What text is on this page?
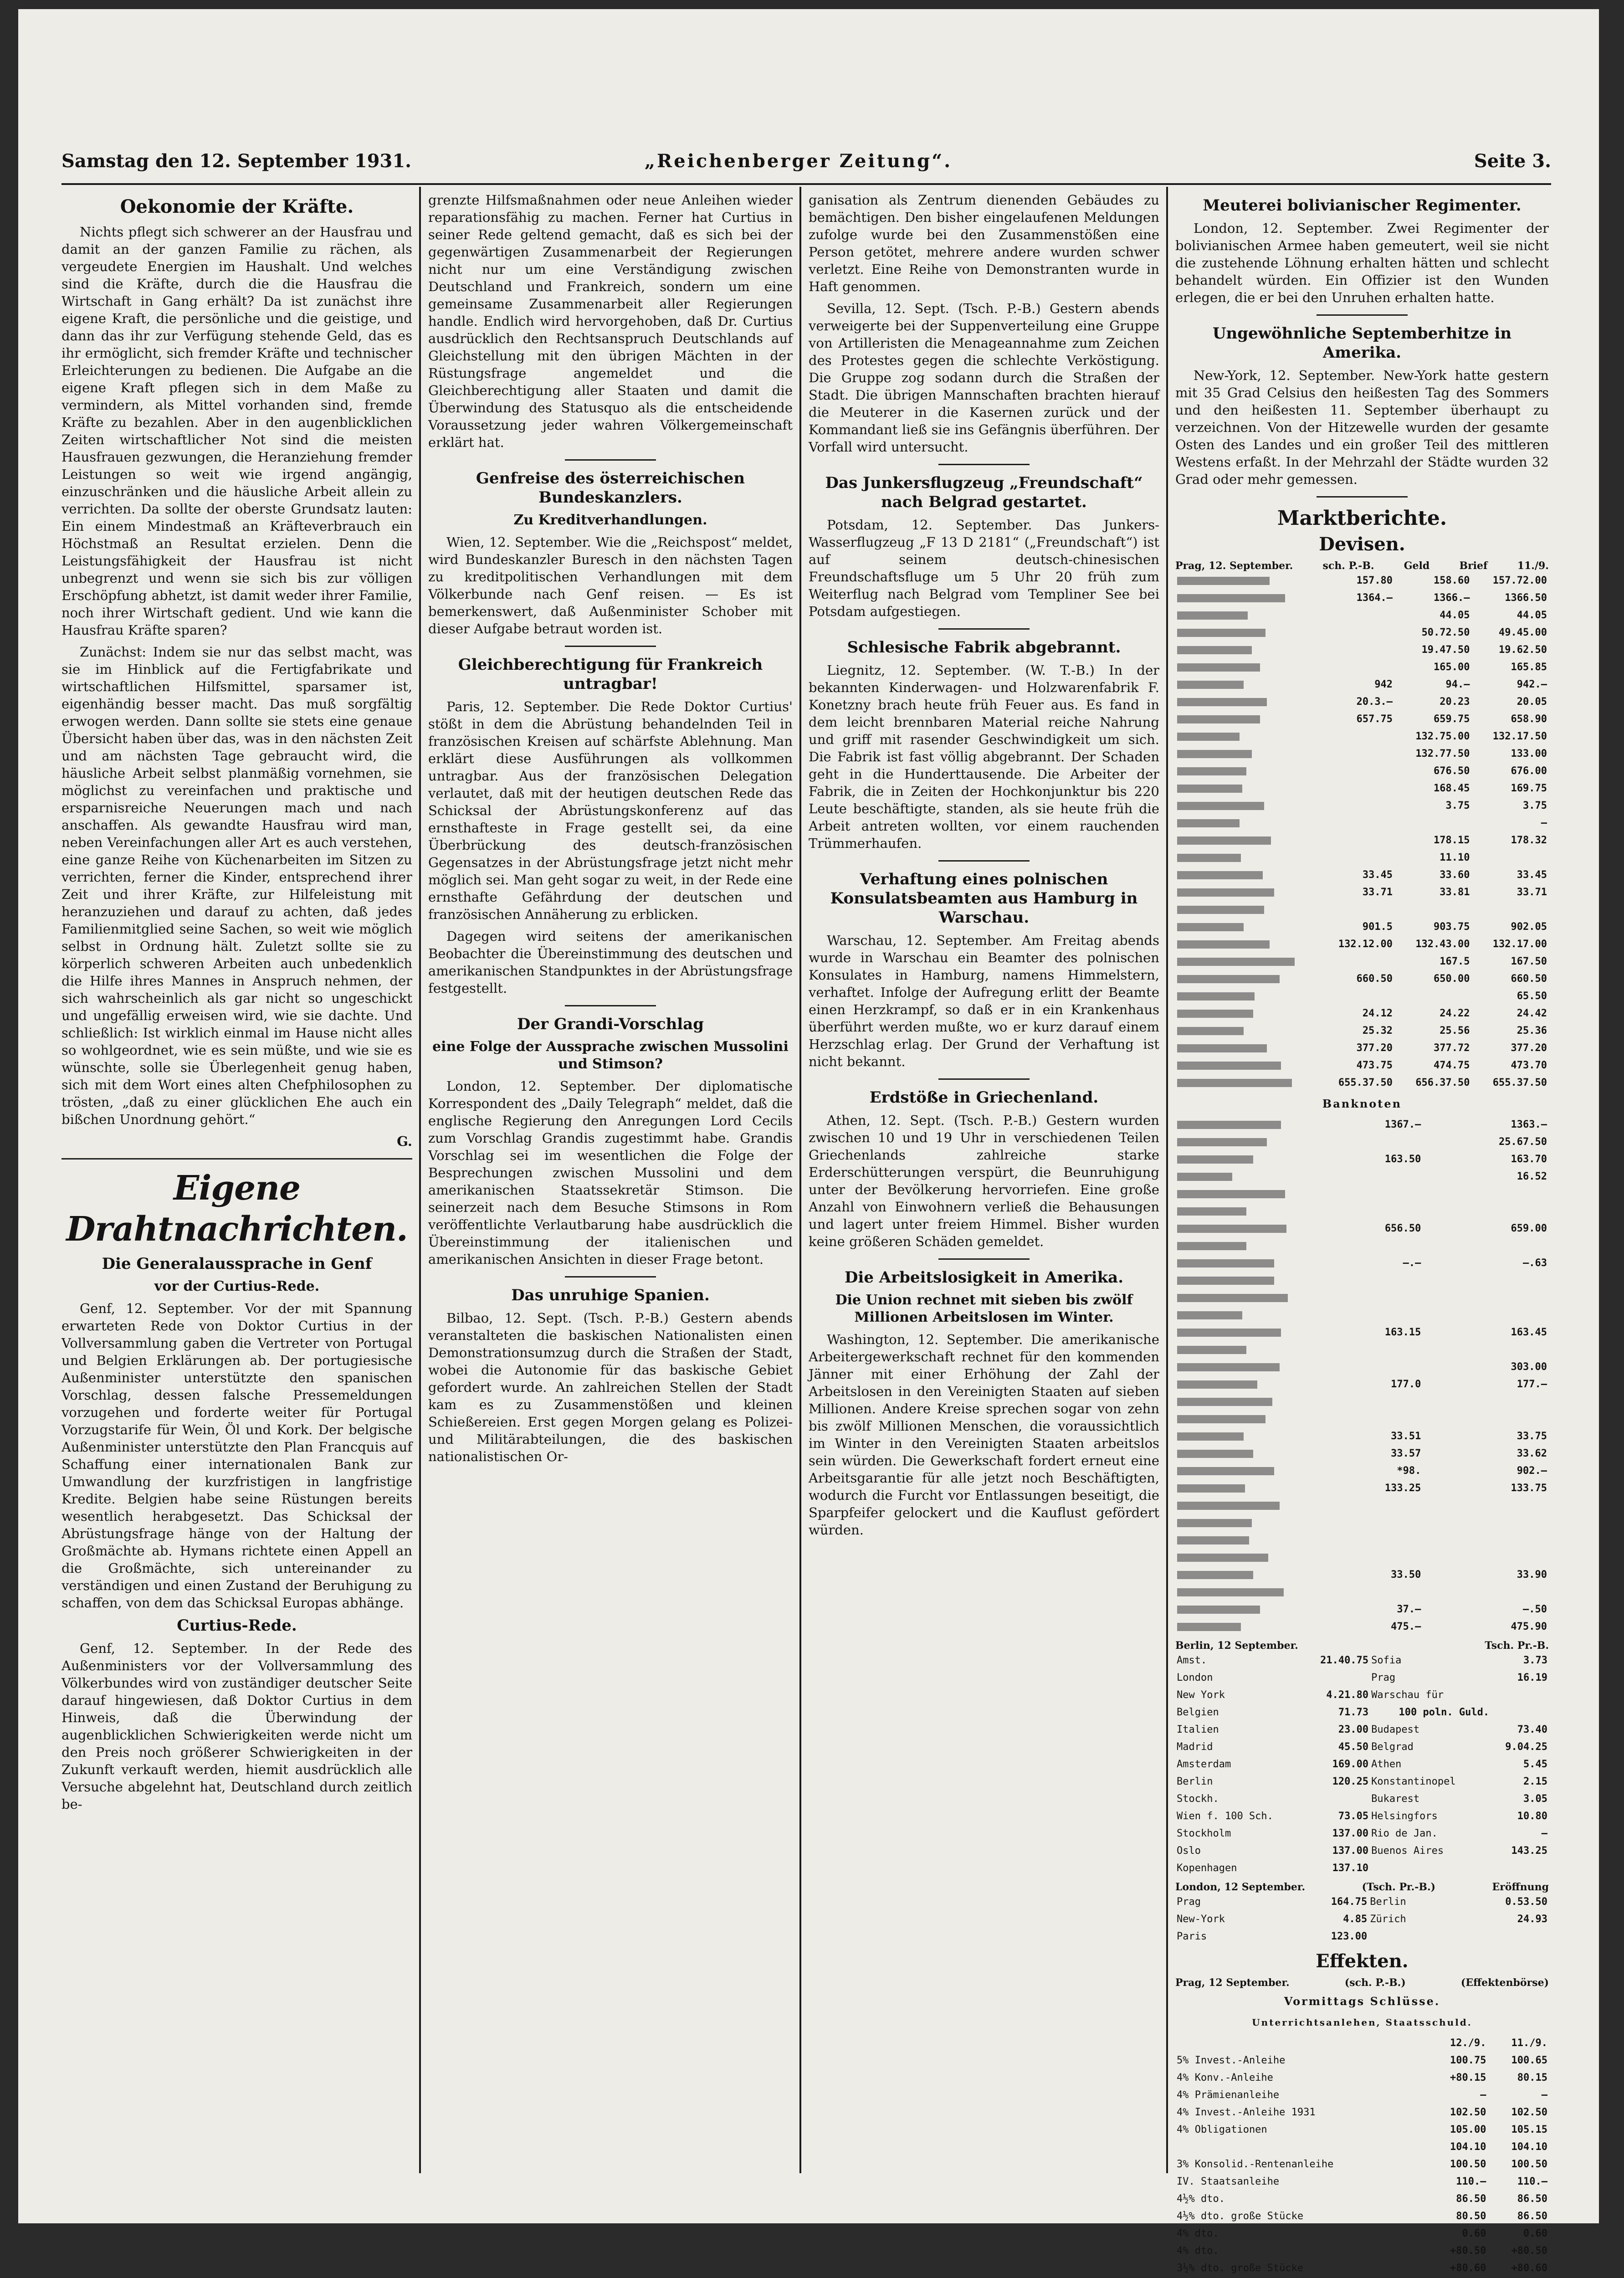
Samstag den 12. September 1931.	„Reichenberger Zeitung“.	Seite 3.
Oekonomie der Kräfte.

Nichts pflegt sich schwerer an der Hausfrau und damit an der ganzen Familie zu rächen, als vergeudete Energien im Haushalt. Und welches sind die Kräfte, durch die die Hausfrau die Wirtschaft in Gang erhält? Da ist zunächst ihre eigene Kraft, die persönliche und die geistige, und dann das ihr zur Verfügung stehende Geld, das es ihr ermöglicht, sich fremder Kräfte und technischer Erleichterungen zu bedienen. Die Aufgabe an die eigene Kraft pflegen sich in dem Maße zu vermindern, als Mittel vorhanden sind, fremde Kräfte zu bezahlen. Aber in den augenblicklichen Zeiten wirtschaftlicher Not sind die meisten Hausfrauen gezwungen, die Heranziehung fremder Leistungen so weit wie irgend angängig, einzuschränken und die häusliche Arbeit allein zu verrichten. Da sollte der oberste Grundsatz lauten: Ein einem Mindestmaß an Kräfteverbrauch ein Höchstmaß an Resultat erzielen. Denn die Leistungsfähigkeit der Hausfrau ist nicht unbegrenzt und wenn sie sich bis zur völligen Erschöpfung abhetzt, ist damit weder ihrer Familie, noch ihrer Wirtschaft gedient. Und wie kann die Hausfrau Kräfte sparen?

Zunächst: Indem sie nur das selbst macht, was sie im Hinblick auf die Fertigfabrikate und wirtschaftlichen Hilfsmittel, sparsamer ist, eigenhändig besser macht. Das muß sorgfältig erwogen werden. Dann sollte sie stets eine genaue Übersicht haben über das, was in den nächsten Zeit und am nächsten Tage gebraucht wird, die häusliche Arbeit selbst planmäßig vornehmen, sie möglichst zu vereinfachen und praktische und ersparnisreiche Neuerungen mach und nach anschaffen. Als gewandte Hausfrau wird man, neben Vereinfachungen aller Art es auch verstehen, eine ganze Reihe von Küchenarbeiten im Sitzen zu verrichten, ferner die Kinder, entsprechend ihrer Zeit und ihrer Kräfte, zur Hilfeleistung mit heranzuziehen und darauf zu achten, daß jedes Familienmitglied seine Sachen, so weit wie möglich selbst in Ordnung hält. Zuletzt sollte sie zu körperlich schweren Arbeiten auch unbedenklich die Hilfe ihres Mannes in Anspruch nehmen, der sich wahrscheinlich als gar nicht so ungeschickt und ungefällig erweisen wird, wie sie dachte. Und schließlich: Ist wirklich einmal im Hause nicht alles so wohlgeordnet, wie es sein müßte, und wie sie es wünschte, solle sie Überlegenheit genug haben, sich mit dem Wort eines alten Chefphilosophen zu trösten, „daß zu einer glücklichen Ehe auch ein bißchen Unordnung gehört.“

G.
Eigene Drahtnachrichten.
Die Generalaussprache in Genf
vor der Curtius-Rede.

Genf, 12. September. Vor der mit Spannung erwarteten Rede von Doktor Curtius in der Vollversammlung gaben die Vertreter von Portugal und Belgien Erklärungen ab. Der portugiesische Außenminister unterstützte den spanischen Vorschlag, dessen falsche Pressemeldungen vorzugehen und forderte weiter für Portugal Vorzugstarife für Wein, Öl und Kork. Der belgische Außenminister unterstützte den Plan Francquis auf Schaffung einer internationalen Bank zur Umwandlung der kurzfristigen in langfristige Kredite. Belgien habe seine Rüstungen bereits wesentlich herabgesetzt. Das Schicksal der Abrüstungsfrage hänge von der Haltung der Großmächte ab. Hymans richtete einen Appell an die Großmächte, sich untereinander zu verständigen und einen Zustand der Beruhigung zu schaffen, von dem das Schicksal Europas abhänge.

Curtius-Rede.

Genf, 12. September. In der Rede des Außenministers vor der Vollversammlung des Völkerbundes wird von zuständiger deutscher Seite darauf hingewiesen, daß Doktor Curtius in dem Hinweis, daß die Überwindung der augenblicklichen Schwierigkeiten werde nicht um den Preis noch größerer Schwierigkeiten in der Zukunft verkauft werden, hiemit ausdrücklich alle Versuche abgelehnt hat, Deutschland durch zeitlich be-

grenzte Hilfsmaßnahmen oder neue Anleihen wieder reparationsfähig zu machen. Ferner hat Curtius in seiner Rede geltend gemacht, daß es sich bei der gegenwärtigen Zusammenarbeit der Regierungen nicht nur um eine Verständigung zwischen Deutschland und Frankreich, sondern um eine gemeinsame Zusammenarbeit aller Regierungen handle. Endlich wird hervorgehoben, daß Dr. Curtius ausdrücklich den Rechtsanspruch Deutschlands auf Gleichstellung mit den übrigen Mächten in der Rüstungsfrage angemeldet und die Gleichberechtigung aller Staaten und damit die Überwindung des Statusquo als die entscheidende Voraussetzung jeder wahren Völkergemeinschaft erklärt hat.

Genfreise des österreichischen Bundeskanzlers.
Zu Kreditverhandlungen.

Wien, 12. September. Wie die „Reichspost“ meldet, wird Bundeskanzler Buresch in den nächsten Tagen zu kreditpolitischen Verhandlungen mit dem Völkerbunde nach Genf reisen. — Es ist bemerkenswert, daß Außenminister Schober mit dieser Aufgabe betraut worden ist.

Gleichberechtigung für Frankreich untragbar!

Paris, 12. September. Die Rede Doktor Curtius' stößt in dem die Abrüstung behandelnden Teil in französischen Kreisen auf schärfste Ablehnung. Man erklärt diese Ausführungen als vollkommen untragbar. Aus der französischen Delegation verlautet, daß mit der heutigen deutschen Rede das Schicksal der Abrüstungskonferenz auf das ernsthafteste in Frage gestellt sei, da eine Überbrückung des deutsch-französischen Gegensatzes in der Abrüstungsfrage jetzt nicht mehr möglich sei. Man geht sogar zu weit, in der Rede eine ernsthafte Gefährdung der deutschen und französischen Annäherung zu erblicken.

Dagegen wird seitens der amerikanischen Beobachter die Übereinstimmung des deutschen und amerikanischen Standpunktes in der Abrüstungsfrage festgestellt.

Der Grandi-Vorschlag
eine Folge der Aussprache zwischen Mussolini und Stimson?

London, 12. September. Der diplomatische Korrespondent des „Daily Telegraph“ meldet, daß die englische Regierung den Anregungen Lord Cecils zum Vorschlag Grandis zugestimmt habe. Grandis Vorschlag sei im wesentlichen die Folge der Besprechungen zwischen Mussolini und dem amerikanischen Staatssekretär Stimson. Die seinerzeit nach dem Besuche Stimsons in Rom veröffentlichte Verlautbarung habe ausdrücklich die Übereinstimmung der italienischen und amerikanischen Ansichten in dieser Frage betont.

Das unruhige Spanien.

Bilbao, 12. Sept. (Tsch. P.-B.) Gestern abends veranstalteten die baskischen Nationalisten einen Demonstrationsumzug durch die Straßen der Stadt, wobei die Autonomie für das baskische Gebiet gefordert wurde. An zahlreichen Stellen der Stadt kam es zu Zusammenstößen und kleinen Schießereien. Erst gegen Morgen gelang es Polizei- und Militärabteilungen, die des baskischen nationalistischen Or-

ganisation als Zentrum dienenden Gebäudes zu bemächtigen. Den bisher eingelaufenen Meldungen zufolge wurde bei den Zusammenstößen eine Person getötet, mehrere andere wurden schwer verletzt. Eine Reihe von Demonstranten wurde in Haft genommen.

Sevilla, 12. Sept. (Tsch. P.-B.) Gestern abends verweigerte bei der Suppenverteilung eine Gruppe von Artilleristen die Menageannahme zum Zeichen des Protestes gegen die schlechte Verköstigung. Die Gruppe zog sodann durch die Straßen der Stadt. Die übrigen Mannschaften brachten hierauf die Meuterer in die Kasernen zurück und der Kommandant ließ sie ins Gefängnis überführen. Der Vorfall wird untersucht.

Das Junkersflugzeug „Freundschaft“ nach Belgrad gestartet.

Potsdam, 12. September. Das Junkers-Wasserflugzeug „F 13 D 2181“ („Freundschaft“) ist auf seinem deutsch-chinesischen Freundschaftsfluge um 5 Uhr 20 früh zum Weiterflug nach Belgrad vom Templiner See bei Potsdam aufgestiegen.

Schlesische Fabrik abgebrannt.

Liegnitz, 12. September. (W. T.-B.) In der bekannten Kinderwagen- und Holzwarenfabrik F. Konetzny brach heute früh Feuer aus. Es fand in dem leicht brennbaren Material reiche Nahrung und griff mit rasender Geschwindigkeit um sich. Die Fabrik ist fast völlig abgebrannt. Der Schaden geht in die Hunderttausende. Die Arbeiter der Fabrik, die in Zeiten der Hochkonjunktur bis 220 Leute beschäftigte, standen, als sie heute früh die Arbeit antreten wollten, vor einem rauchenden Trümmerhaufen.

Verhaftung eines polnischen Konsulatsbeamten aus Hamburg in Warschau.

Warschau, 12. September. Am Freitag abends wurde in Warschau ein Beamter des polnischen Konsulates in Hamburg, namens Himmelstern, verhaftet. Infolge der Aufregung erlitt der Beamte einen Herzkrampf, so daß er in ein Krankenhaus überführt werden mußte, wo er kurz darauf einem Herzschlag erlag. Der Grund der Verhaftung ist nicht bekannt.

Erdstöße in Griechenland.

Athen, 12. Sept. (Tsch. P.-B.) Gestern wurden zwischen 10 und 19 Uhr in verschiedenen Teilen Griechenlands zahlreiche starke Erderschütterungen verspürt, die Beunruhigung unter der Bevölkerung hervorriefen. Eine große Anzahl von Einwohnern verließ die Behausungen und lagert unter freiem Himmel. Bisher wurden keine größeren Schäden gemeldet.

Die Arbeitslosigkeit in Amerika.
Die Union rechnet mit sieben bis zwölf Millionen Arbeitslosen im Winter.

Washington, 12. September. Die amerikanische Arbeitergewerkschaft rechnet für den kommenden Jänner mit einer Erhöhung der Zahl der Arbeitslosen in den Vereinigten Staaten auf sieben Millionen. Andere Kreise sprechen sogar von zehn bis zwölf Millionen Menschen, die voraussichtlich im Winter in den Vereinigten Staaten arbeitslos sein würden. Die Gewerkschaft fordert erneut eine Arbeitsgarantie für alle jetzt noch Beschäftigten, wodurch die Furcht vor Entlassungen beseitigt, die Sparpfeifer gelockert und die Kauflust gefördert würden.

Meuterei bolivianischer Regimenter.

London, 12. September. Zwei Regimenter der bolivianischen Armee haben gemeutert, weil sie nicht die zustehende Löhnung erhalten hätten und schlecht behandelt würden. Ein Offizier ist den Wunden erlegen, die er bei den Unruhen erhalten hatte.

Ungewöhnliche Septemberhitze in Amerika.

New-York, 12. September. New-York hatte gestern mit 35 Grad Celsius den heißesten Tag des Sommers und den heißesten 11. September überhaupt zu verzeichnen. Von der Hitzewelle wurden der gesamte Osten des Landes und ein großer Teil des mittleren Westens erfaßt. In der Mehrzahl der Städte wurden 32 Grad oder mehr gemessen.

Marktberichte.
Devisen.
Prag, 12. September.	sch. P.-B.	Geld	Brief	11./9.
	157.80	158.60	157.72.00
	1364.—	1366.—	1366.50
		44.05	44.05
		50.72.50	49.45.00
		19.47.50	19.62.50
		165.00	165.85
	942	94.—	942.—
	20.3.—	20.23	20.05
	657.75	659.75	658.90
		132.75.00	132.17.50
		132.77.50	133.00
		676.50	676.00
		168.45	169.75
		3.75	3.75
			—
		178.15	178.32
		11.10	
	33.45	33.60	33.45
	33.71	33.81	33.71

	901.5	903.75	902.05
	132.12.00	132.43.00	132.17.00
		167.5	167.50
	660.50	650.00	660.50
			65.50
	24.12	24.22	24.42
	25.32	25.56	25.36
	377.20	377.72	377.20
	473.75	474.75	473.70
	655.37.50	656.37.50	655.37.50
Banknoten
		1367.—	1363.—
			25.67.50
		163.50	163.70
			16.52

		656.50	659.00

		—.—	—.63

		163.15	163.45

			303.00
		177.0	177.—

		33.51	33.75
		33.57	33.62
		*98.	902.—
		133.25	133.75

		33.50	33.90

		37.—	—.50
		475.—	475.90
Berlin, 12 September.	Tsch. Pr.-B.
Amst.	21.40.75	Sofia	3.73
London		Prag	16.19
New York	4.21.80	Warschau für	
Belgien	71.73	100 poln. Guld.	
Italien	23.00	Budapest	73.40
Madrid	45.50	Belgrad	9.04.25
Amsterdam	169.00	Athen	5.45
Berlin	120.25	Konstantinopel	2.15
Stockh.		Bukarest	3.05
Wien f. 100 Sch.	73.05	Helsingfors	10.80
Stockholm	137.00	Rio de Jan.	—
Oslo	137.00	Buenos Aires	143.25
Kopenhagen	137.10		
London, 12 September.	(Tsch. Pr.-B.)	Eröffnung
Prag	164.75	Berlin	0.53.50
New-York	4.85	Zürich	24.93
Paris	123.00		
Effekten.
Prag, 12 September.	(sch. P.-B.)	(Effektenbörse)
Vormittags Schlüsse.
Unterrichtsanlehen, Staatsschuld.
	12./9.	11./9.
5% Invest.-Anleihe	100.75	100.65
4% Konv.-Anleihe	+80.15	80.15
4% Prämienanleihe	—	—
4% Invest.-Anleihe 1931	102.50	102.50
4% Obligationen	105.00	105.15
	104.10	104.10
3% Konsolid.-Rentenanleihe	100.50	100.50
IV. Staatsanleihe	110.—	110.—
4½% dto.	86.50	86.50
4½% dto. große Stücke	80.50	86.50
4% dto.	0.60	0.60
4% dto.	+80.50	+80.50
3½% dto. große Stücke	+80.60	+80.60
